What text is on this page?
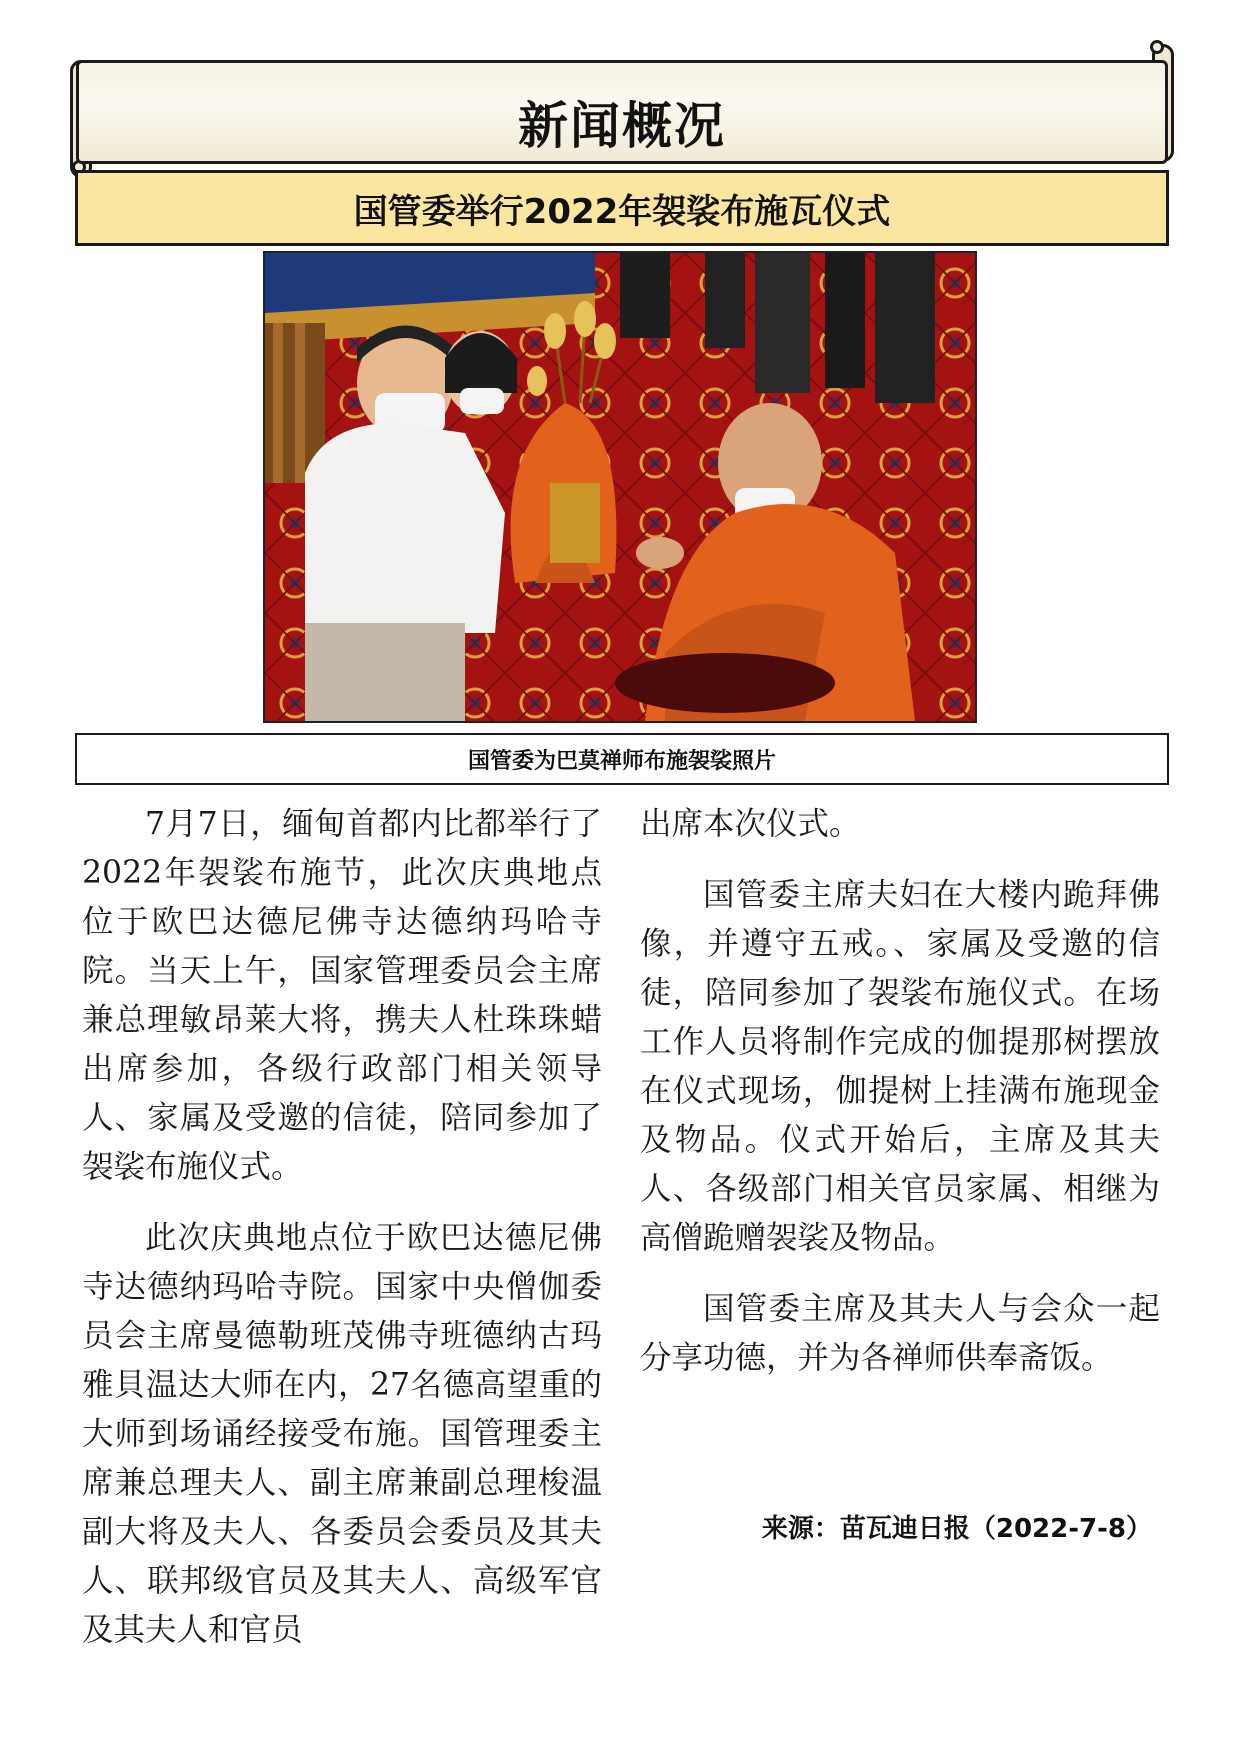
新闻概况
国管委举行2022年袈裟布施瓦仪式
国管委为巴莫禅师布施袈裟照片

7月7日，缅甸首都内比都举行了2022年袈裟布施节，此次庆典地点位于欧巴达德尼佛寺达德纳玛哈寺院。当天上午，国家管理委员会主席兼总理敏昂莱大将，携夫人杜珠珠蜡出席参加，各级行政部门相关领导人、家属及受邀的信徒，陪同参加了袈裟布施仪式。

此次庆典地点位于欧巴达德尼佛寺达德纳玛哈寺院。国家中央僧伽委员会主席曼德勒班茂佛寺班德纳古玛雅貝温达大师在内，27名德高望重的大师到场诵经接受布施。国管理委主席兼总理夫人、副主席兼副总理梭温副大将及夫人、各委员会委员及其夫人、联邦级官员及其夫人、高级军官及其夫人和官员

出席本次仪式。

国管委主席夫妇在大楼内跪拜佛像，并遵守五戒。、家属及受邀的信徒，陪同参加了袈裟布施仪式。在场工作人员将制作完成的伽提那树摆放在仪式现场，伽提树上挂满布施现金及物品。仪式开始后，主席及其夫人、各级部门相关官员家属、相继为高僧跪赠袈裟及物品。

国管委主席及其夫人与会众一起分享功德，并为各禅师供奉斋饭。

来源：苗瓦迪日报（2022-7-8）
